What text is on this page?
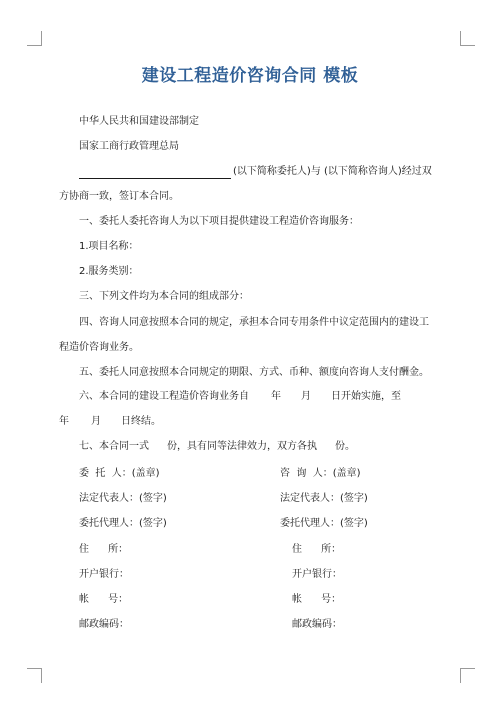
建设工程造价咨询合同 模板
中华人民共和国建设部制定
国家工商行政管理总局
(以下简称委托人)与 (以下简称咨询人)经过双
方协商一致，签订本合同。
一、委托人委托咨询人为以下项目提供建设工程造价咨询服务：
1.项目名称：
2.服务类别：
三、下列文件均为本合同的组成部分：
四、咨询人同意按照本合同的规定，承担本合同专用条件中议定范围内的建设工
程造价咨询业务。
五、委托人同意按照本合同规定的期限、方式、币种、额度向咨询人支付酬金。
六、本合同的建设工程造价咨询业务自 年 月 日开始实施，至
年 月 日终结。
七、本合同一式 份，具有同等法律效力，双方各执 份。
委  托  人：(盖章)
法定代表人：(签字)
委托代理人：(签字)
住      所：
开户银行：
帐      号：
邮政编码：
咨  询  人：(盖章)
法定代表人：(签字)
委托代理人：(签字)
住      所：
开户银行：
帐      号：
邮政编码：
